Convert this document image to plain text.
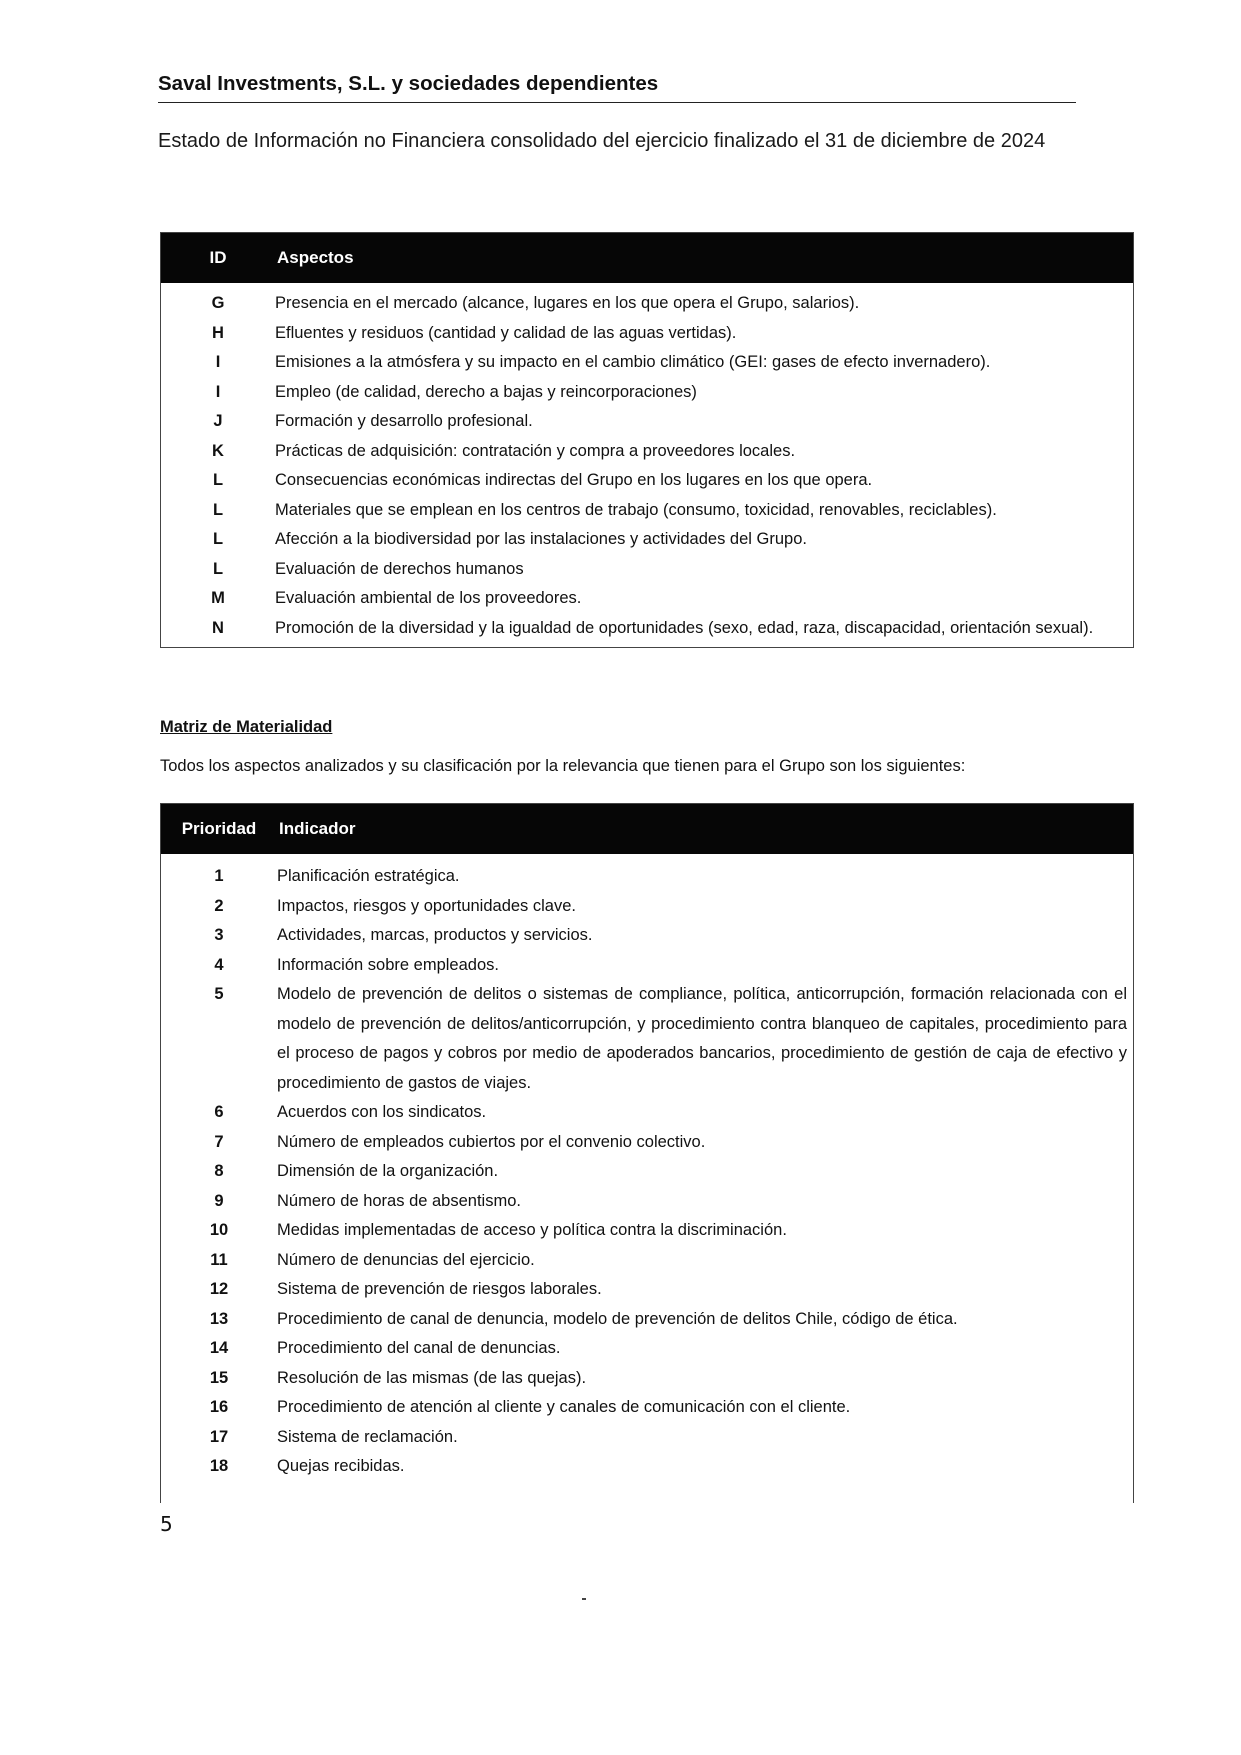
Saval Investments, S.L. y sociedades dependientes
Estado de Información no Financiera consolidado del ejercicio finalizado el 31 de diciembre de 2024
ID	Aspectos
G	Presencia en el mercado (alcance, lugares en los que opera el Grupo, salarios).
H	Efluentes y residuos (cantidad y calidad de las aguas vertidas).
I	Emisiones a la atmósfera y su impacto en el cambio climático (GEI: gases de efecto invernadero).
I	Empleo (de calidad, derecho a bajas y reincorporaciones)
J	Formación y desarrollo profesional.
K	Prácticas de adquisición: contratación y compra a proveedores locales.
L	Consecuencias económicas indirectas del Grupo en los lugares en los que opera.
L	Materiales que se emplean en los centros de trabajo (consumo, toxicidad, renovables, reciclables).
L	Afección a la biodiversidad por las instalaciones y actividades del Grupo.
L	Evaluación de derechos humanos
M	Evaluación ambiental de los proveedores.
N	Promoción de la diversidad y la igualdad de oportunidades (sexo, edad, raza, discapacidad, orientación sexual).
Matriz de Materialidad
Todos los aspectos analizados y su clasificación por la relevancia que tienen para el Grupo son los siguientes:
Prioridad	Indicador
1	Planificación estratégica.
2	Impactos, riesgos y oportunidades clave.
3	Actividades, marcas, productos y servicios.
4	Información sobre empleados.
5	Modelo de prevención de delitos o sistemas de compliance, política, anticorrupción, formación relacionada con el modelo de prevención de delitos/anticorrupción, y procedimiento contra blanqueo de capitales, procedimiento para el proceso de pagos y cobros por medio de apoderados bancarios, procedimiento de gestión de caja de efectivo y procedimiento de gastos de viajes.
6	Acuerdos con los sindicatos.
7	Número de empleados cubiertos por el convenio colectivo.
8	Dimensión de la organización.
9	Número de horas de absentismo.
10	Medidas implementadas de acceso y política contra la discriminación.
11	Número de denuncias del ejercicio.
12	Sistema de prevención de riesgos laborales.
13	Procedimiento de canal de denuncia, modelo de prevención de delitos Chile, código de ética.
14	Procedimiento del canal de denuncias.
15	Resolución de las mismas (de las quejas).
16	Procedimiento de atención al cliente y canales de comunicación con el cliente.
17	Sistema de reclamación.
18	Quejas recibidas.
5
